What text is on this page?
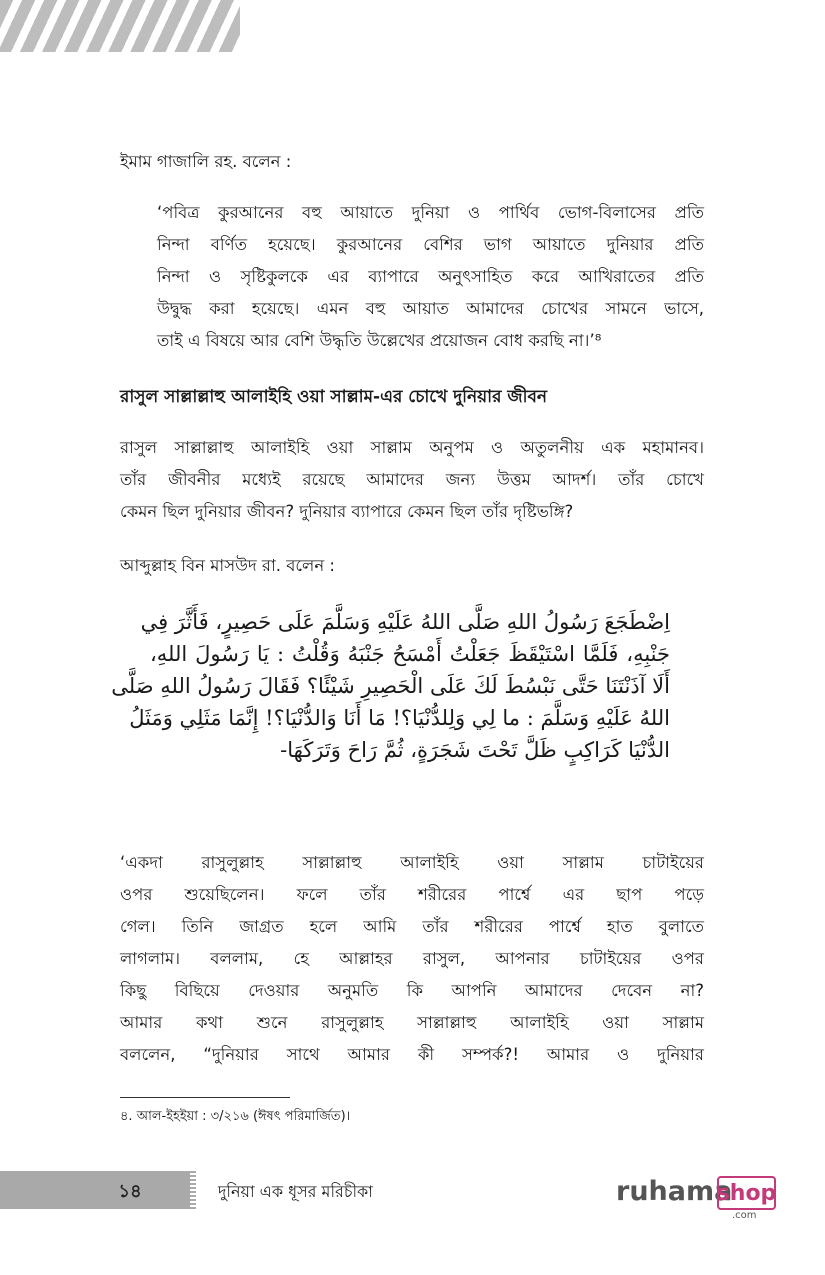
ইমাম গাজালি রহ. বলেন :
‘পবিত্র কুরআনের বহু আয়াতে দুনিয়া ও পার্থিব ভোগ-বিলাসের প্রতি
নিন্দা বর্ণিত হয়েছে। কুরআনের বেশির ভাগ আয়াতে দুনিয়ার প্রতি
নিন্দা ও সৃষ্টিকুলকে এর ব্যাপারে অনুৎসাহিত করে আখিরাতের প্রতি
উদ্বুদ্ধ করা হয়েছে। এমন বহু আয়াত আমাদের চোখের সামনে ভাসে,
তাই এ বিষয়ে আর বেশি উদ্ধৃতি উল্লেখের প্রয়োজন বোধ করছি না।’⁸
রাসুল সাল্লাল্লাহু আলাইহি ওয়া সাল্লাম-এর চোখে দুনিয়ার জীবন
রাসুল সাল্লাল্লাহু আলাইহি ওয়া সাল্লাম অনুপম ও অতুলনীয় এক মহামানব।
তাঁর জীবনীর মধ্যেই রয়েছে আমাদের জন্য উত্তম আদর্শ। তাঁর চোখে
কেমন ছিল দুনিয়ার জীবন? দুনিয়ার ব্যাপারে কেমন ছিল তাঁর দৃষ্টিভঙ্গি?
আব্দুল্লাহ বিন মাসউদ রা. বলেন :
اِضْطَجَعَ رَسُولُ اللهِ صَلَّى اللهُ عَلَيْهِ وَسَلَّمَ عَلَى حَصِيرٍ، فَأَثَّرَ فِي
جَنْبِهِ، فَلَمَّا اسْتَيْقَظَ جَعَلْتُ أَمْسَحُ جَنْبَهُ وَقُلْتُ : يَا رَسُولَ اللهِ،
أَلَا آذَنْتَنَا حَتَّى نَبْسُطَ لَكَ عَلَى الْحَصِيرِ شَيْئًا؟ فَقَالَ رَسُولُ اللهِ صَلَّى
اللهُ عَلَيْهِ وَسَلَّمَ : ما لِي وَلِلدُّنْيَا؟! مَا أَنَا وَالدُّنْيَا؟! إِنَّمَا مَثَلِي وَمَثَلُ
الدُّنْيَا كَرَاكِبٍ ظَلَّ تَحْتَ شَجَرَةٍ، ثُمَّ رَاحَ وَتَرَكَهَا-
‘একদা রাসুলুল্লাহ সাল্লাল্লাহু আলাইহি ওয়া সাল্লাম চাটাইয়ের
ওপর শুয়েছিলেন। ফলে তাঁর শরীরের পার্শ্বে এর ছাপ পড়ে
গেল। তিনি জাগ্রত হলে আমি তাঁর শরীরের পার্শ্বে হাত বুলাতে
লাগলাম। বললাম, হে আল্লাহর রাসুল, আপনার চাটাইয়ের ওপর
কিছু বিছিয়ে দেওয়ার অনুমতি কি আপনি আমাদের দেবেন না?
আমার কথা শুনে রাসুলুল্লাহ সাল্লাল্লাহু আলাইহি ওয়া সাল্লাম
বললেন, “দুনিয়ার সাথে আমার কী সম্পর্ক?! আমার ও দুনিয়ার
৪. আল-ইহইয়া : ৩/২১৬ (ঈষৎ পরিমার্জিত)।
১৪	দুনিয়া এক ধূসর মরিচীকা	ruhama
shop
.com
